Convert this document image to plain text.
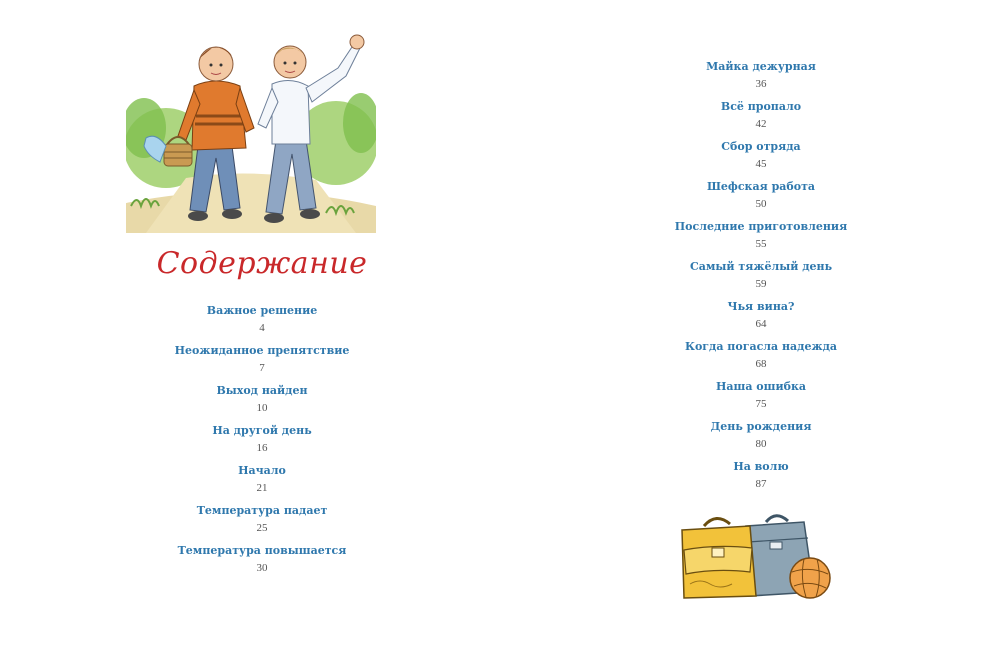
Содержание
Важное решение
4
Неожиданное препятствие
7
Выход найден
10
На другой день
16
Начало
21
Температура падает
25
Температура повышается
30
Майка дежурная
36
Всё пропало
42
Сбор отряда
45
Шефская работа
50
Последние приготовления
55
Самый тяжёлый день
59
Чья вина?
64
Когда погасла надежда
68
Наша ошибка
75
День рождения
80
На волю
87
